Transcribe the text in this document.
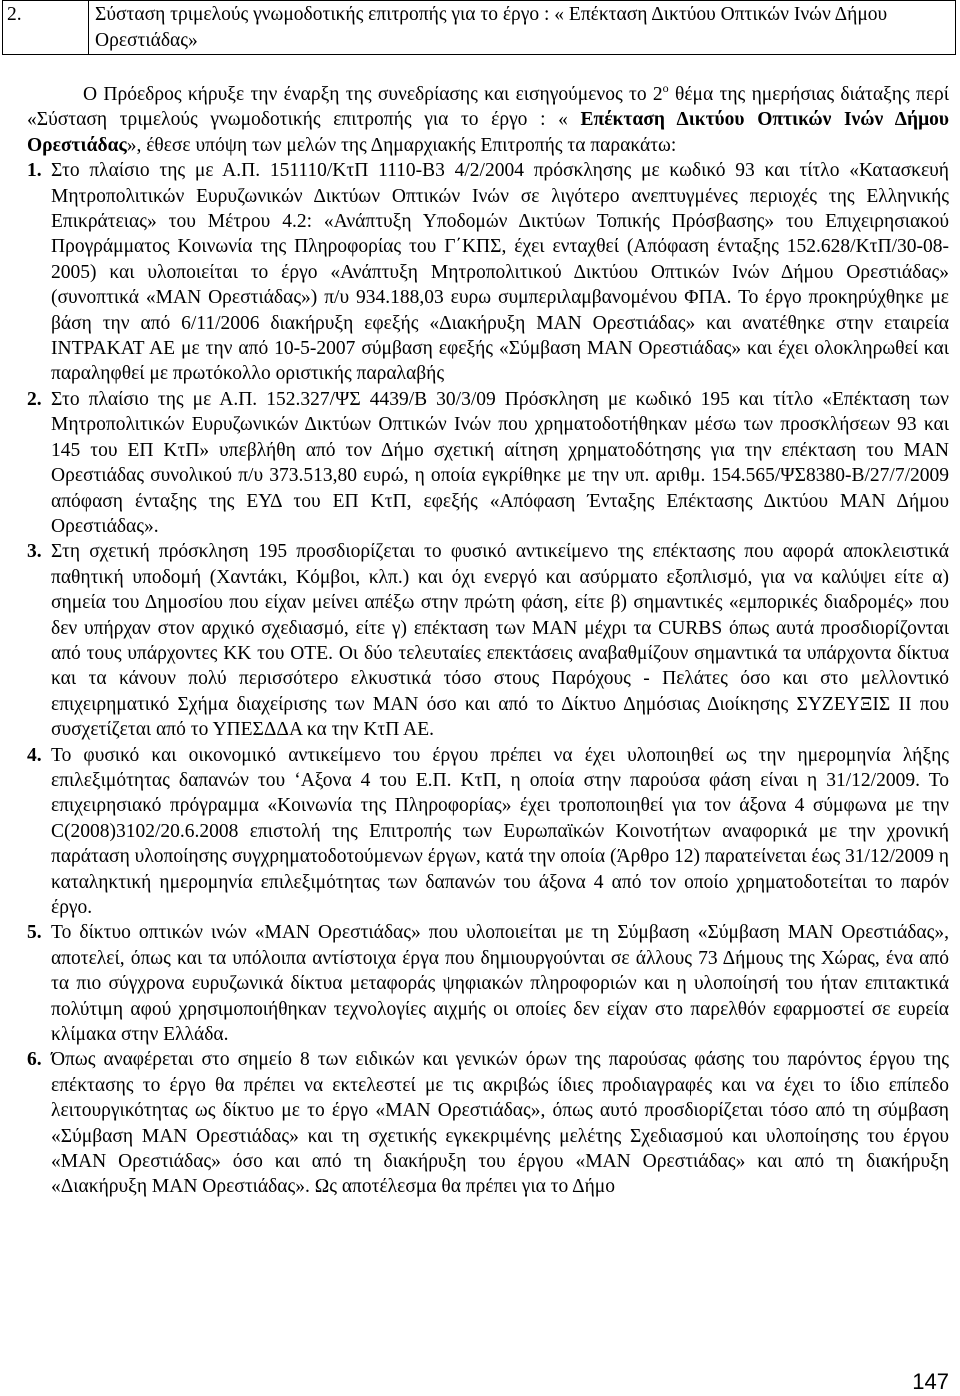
2.	Σύσταση τριμελούς γνωμοδοτικής επιτροπής για το έργο : « Επέκταση Δικτύου Οπτικών Ινών Δήμου Ορεστιάδας»

Ο Πρόεδρος κήρυξε την έναρξη της συνεδρίασης και εισηγούμενος το $2^o$ θέμα της ημερήσιας διάταξης περί «Σύσταση τριμελούς γνωμοδοτικής επιτροπής για το έργο : « Επέκταση Δικτύου Οπτικών Ινών Δήμου Ορεστιάδας», έθεσε υπόψη των μελών της Δημαρχιακής Επιτροπής τα παρακάτω:

1. Στο πλαίσιο της με Α.Π. 151110/ΚτΠ 1110-Β3 4/2/2004 πρόσκλησης με κωδικό 93 και τίτλο «Κατασκευή Μητροπολιτικών Ευρυζωνικών Δικτύων Οπτικών Ινών σε λιγότερο ανεπτυγμένες περιοχές της Ελληνικής Επικράτειας» του Μέτρου 4.2: «Ανάπτυξη Υποδομών Δικτύων Τοπικής Πρόσβασης» του Επιχειρησιακού Προγράμματος Κοινωνία της Πληροφορίας του Γ΄ΚΠΣ, έχει ενταχθεί (Απόφαση ένταξης 152.628/ΚτΠ/30-08-2005) και υλοποιείται το έργο «Ανάπτυξη Μητροπολιτικού Δικτύου Οπτικών Ινών Δήμου Ορεστιάδας» (συνοπτικά «MAN Ορεστιάδας») π/υ 934.188,03 ευρω συμπεριλαμβανομένου ΦΠΑ. Το έργο προκηρύχθηκε με βάση την από 6/11/2006 διακήρυξη εφεξής «Διακήρυξη MAN Ορεστιάδας» και ανατέθηκε στην εταιρεία ΙΝΤΡΑΚΑΤ ΑΕ με την από 10-5-2007 σύμβαση εφεξής «Σύμβαση MAN Ορεστιάδας» και έχει ολοκληρωθεί και παραληφθεί με πρωτόκολλο οριστικής παραλαβής
2. Στο πλαίσιο της με Α.Π. 152.327/ΨΣ 4439/Β 30/3/09 Πρόσκληση με κωδικό 195 και τίτλο «Επέκταση των Μητροπολιτικών Ευρυζωνικών Δικτύων Οπτικών Ινών που χρηματοδοτήθηκαν μέσω των προσκλήσεων 93 και 145 του ΕΠ ΚτΠ» υπεβλήθη από τον Δήμο σχετική αίτηση χρηματοδότησης για την επέκταση του ΜΑΝ Ορεστιάδας συνολικού π/υ 373.513,80 ευρώ, η οποία εγκρίθηκε με την υπ. αριθμ. 154.565/ΨΣ8380-Β/27/7/2009 απόφαση ένταξης της ΕΥΔ του ΕΠ ΚτΠ, εφεξής «Απόφαση Ένταξης Επέκτασης Δικτύου ΜΑΝ Δήμου Ορεστιάδας».
3. Στη σχετική πρόσκληση 195 προσδιορίζεται το φυσικό αντικείμενο της επέκτασης που αφορά αποκλειστικά παθητική υποδομή (Χαντάκι, Κόμβοι, κλπ.) και όχι ενεργό και ασύρματο εξοπλισμό, για να καλύψει είτε α) σημεία του Δημοσίου που είχαν μείνει απέξω στην πρώτη φάση, είτε β) σημαντικές «εμπορικές διαδρομές» που δεν υπήρχαν στον αρχικό σχεδιασμό, είτε γ) επέκταση των MAN μέχρι τα CURBS όπως αυτά προσδιορίζονται από τους υπάρχοντες ΚΚ του ΟΤΕ. Οι δύο τελευταίες επεκτάσεις αναβαθμίζουν σημαντικά τα υπάρχοντα δίκτυα και τα κάνουν πολύ περισσότερο ελκυστικά τόσο στους Παρόχους - Πελάτες όσο και στο μελλοντικό επιχειρηματικό Σχήμα διαχείρισης των MAN όσο και από το Δίκτυο Δημόσιας Διοίκησης ΣΥΖΕΥΞΙΣ ΙΙ που συσχετίζεται από το ΥΠΕΣΔΔΑ κα την ΚτΠ ΑΕ.
4. Το φυσικό και οικονομικό αντικείμενο του έργου πρέπει να έχει υλοποιηθεί ως την ημερομηνία λήξης επιλεξιμότητας δαπανών του ‘Αξονα 4 του Ε.Π. ΚτΠ, η οποία στην παρούσα φάση είναι η 31/12/2009. Το επιχειρησιακό πρόγραμμα «Κοινωνία της Πληροφορίας» έχει τροποποιηθεί για τον άξονα 4 σύμφωνα με την C(2008)3102/20.6.2008 επιστολή της Επιτροπής των Ευρωπαϊκών Κοινοτήτων αναφορικά με την χρονική παράταση υλοποίησης συγχρηματοδοτούμενων έργων, κατά την οποία (Άρθρο 12) παρατείνεται έως 31/12/2009 η καταληκτική ημερομηνία επιλεξιμότητας των δαπανών του άξονα 4 από τον οποίο χρηματοδοτείται το παρόν έργο.
5. Το δίκτυο οπτικών ινών «ΜΑΝ Ορεστιάδας» που υλοποιείται με τη Σύμβαση «Σύμβαση ΜΑΝ Ορεστιάδας», αποτελεί, όπως και τα υπόλοιπα αντίστοιχα έργα που δημιουργούνται σε άλλους 73 Δήμους της Χώρας, ένα από τα πιο σύγχρονα ευρυζωνικά δίκτυα μεταφοράς ψηφιακών πληροφοριών και η υλοποίησή του ήταν επιτακτικά πολύτιμη αφού χρησιμοποιήθηκαν τεχνολογίες αιχμής οι οποίες δεν είχαν στο παρελθόν εφαρμοστεί σε ευρεία κλίμακα στην Ελλάδα.
6. Όπως αναφέρεται στο σημείο 8 των ειδικών και γενικών όρων της παρούσας φάσης του παρόντος έργου της επέκτασης το έργο θα πρέπει να εκτελεστεί με τις ακριβώς ίδιες προδιαγραφές και να έχει το ίδιο επίπεδο λειτουργικότητας ως δίκτυο με το έργο «ΜΑΝ Ορεστιάδας», όπως αυτό προσδιορίζεται τόσο από τη σύμβαση «Σύμβαση ΜΑΝ Ορεστιάδας» και τη σχετικής εγκεκριμένης μελέτης Σχεδιασμού και υλοποίησης του έργου «ΜΑΝ Ορεστιάδας» όσο και από τη διακήρυξη του έργου «ΜΑΝ Ορεστιάδας» και από τη διακήρυξη «Διακήρυξη ΜΑΝ Ορεστιάδας». Ως αποτέλεσμα θα πρέπει για το Δήμο
147
